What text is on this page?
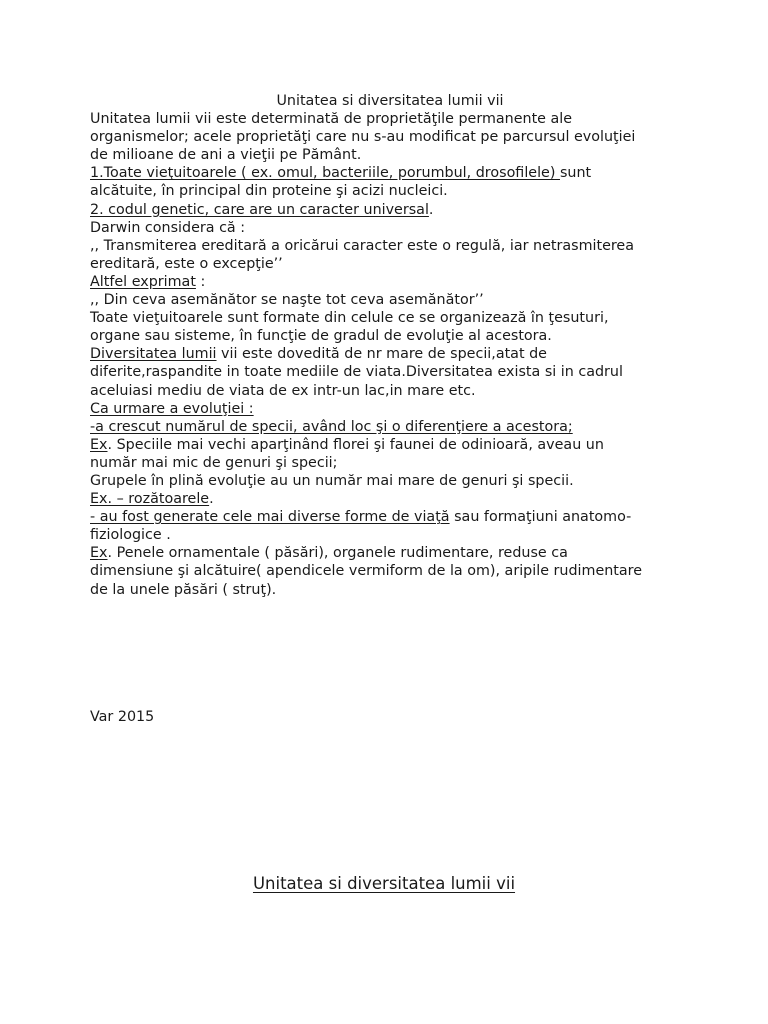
Unitatea si diversitatea lumii vii
Unitatea lumii vii este determinată de proprietăţile permanente ale
organismelor; acele proprietăţi care nu s-au modificat pe parcursul evoluţiei
de milioane de ani a vieţii pe Pământ.
1.Toate vieţuitoarele ( ex. omul, bacteriile, porumbul, drosofilele) sunt
alcătuite, în principal din proteine şi acizi nucleici.
2. codul genetic, care are un caracter universal.
Darwin considera că :
,, Transmiterea ereditară a oricărui caracter este o regulă, iar netrasmiterea
ereditară, este o excepţie’’
Altfel exprimat :
,, Din ceva asemănător se naşte tot ceva asemănător’’
Toate vieţuitoarele sunt formate din celule ce se organizează în ţesuturi,
organe sau sisteme, în funcţie de gradul de evoluţie al acestora.
Diversitatea lumii vii este dovedită de nr mare de specii,atat de
diferite,raspandite in toate mediile de viata.Diversitatea exista si in cadrul
aceluiasi mediu de viata de ex intr-un lac,in mare etc.
Ca urmare a evoluţiei :
-a crescut numărul de specii, având loc şi o diferenţiere a acestora;
Ex. Speciile mai vechi aparţinând florei şi faunei de odinioară, aveau un
număr mai mic de genuri şi specii;
Grupele în plină evoluţie au un număr mai mare de genuri şi specii.
Ex. – rozătoarele.
- au fost generate cele mai diverse forme de viaţă sau formaţiuni anatomo-
fiziologice .
Ex. Penele ornamentale ( păsări), organele rudimentare, reduse ca
dimensiune şi alcătuire( apendicele vermiform de la om), aripile rudimentare
de la unele păsări ( struţ).
Var 2015
Unitatea si diversitatea lumii vii
